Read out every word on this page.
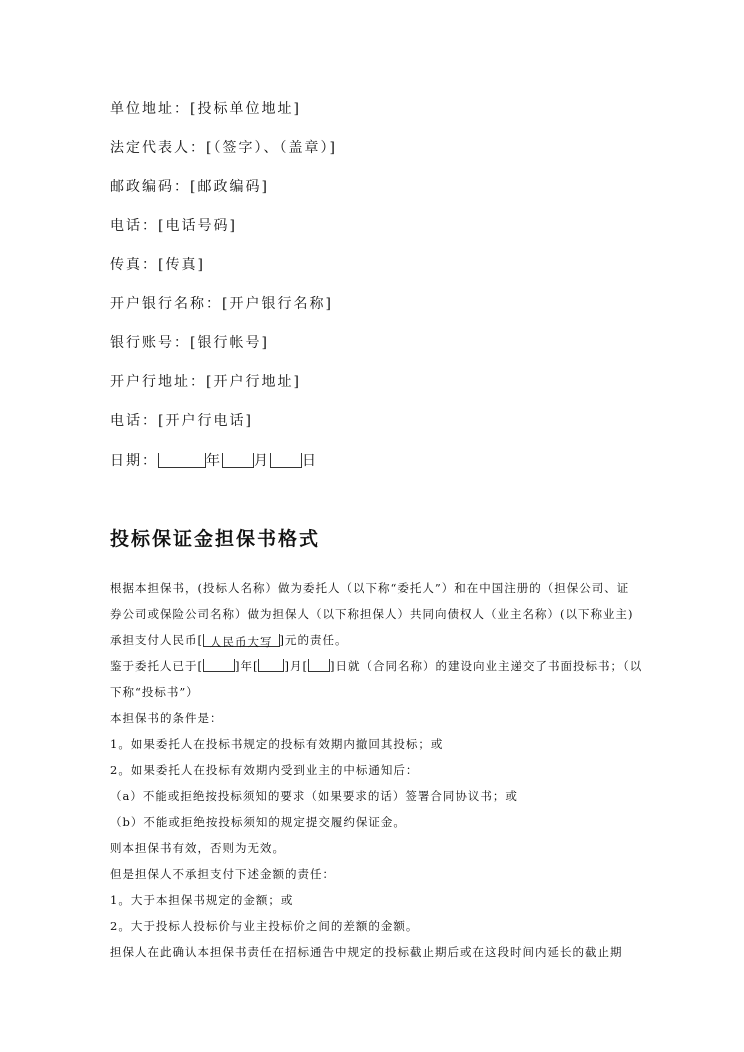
单位地址：[投标单位地址]
法定代表人：[（签字）、（盖章）]
邮政编码：[邮政编码]
电话：[电话号码]
传真：[传真]
开户银行名称：[开户银行名称]
银行账号：[银行帐号]
开户行地址：[开户行地址]
电话：[开户行电话]
日期：	年 月 日
投标保证金担保书格式
根据本担保书，(投标人名称）做为委托人（以下称“委托人”）和在中国注册的（担保公司、证
券公司或保险公司名称）做为担保人（以下称担保人）共同向债权人（业主名称）(以下称业主)
承担支付人民币[ 人民币大写 ]元的责任。
鉴于委托人已于[	]年[ ]月[ ]日就（合同名称）的建设向业主递交了书面投标书；（以
下称“投标书”）
本担保书的条件是：
1。如果委托人在投标书规定的投标有效期内撤回其投标；或
2。如果委托人在投标有效期内受到业主的中标通知后：
（a）不能或拒绝按投标须知的要求（如果要求的话）签署合同协议书；或
（b）不能或拒绝按投标须知的规定提交履约保证金。
则本担保书有效，否则为无效。
但是担保人不承担支付下述金额的责任：
1。大于本担保书规定的金额；或
2。大于投标人投标价与业主投标价之间的差额的金额。
担保人在此确认本担保书责任在招标通告中规定的投标截止期后或在这段时间内延长的截止期
